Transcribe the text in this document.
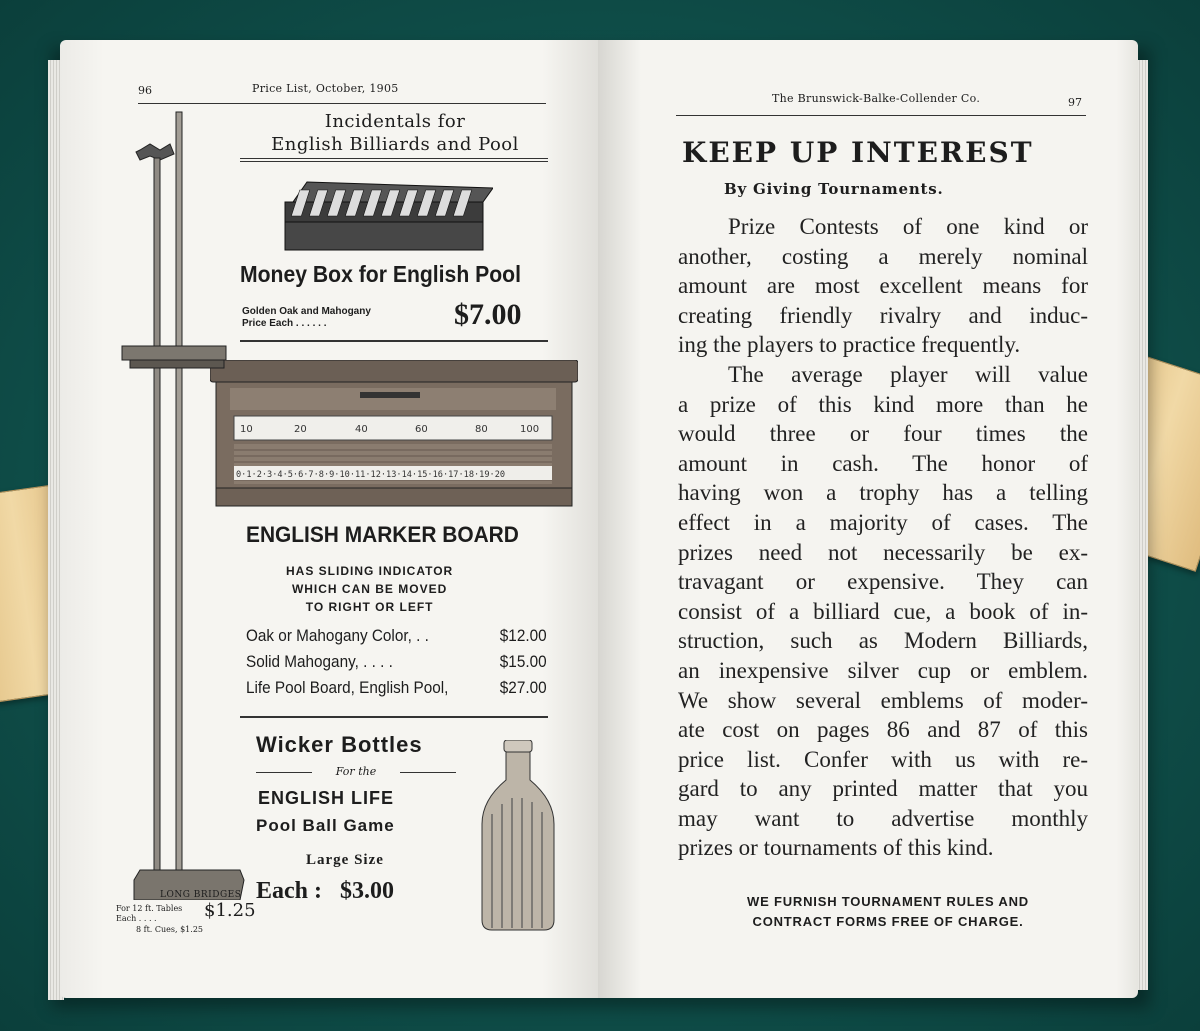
96	Price List, October, 1905
Incidentals for
English Billiards and Pool
Money Box for English Pool
Golden Oak and Mahogany
Price Each . . . . . .	$7.00
10	20	40	60	80	100
0·1·2·3·4·5·6·7·8·9·10·11·12·13·14·15·16·17·18·19·20
ENGLISH MARKER BOARD
HAS SLIDING INDICATOR
WHICH CAN BE MOVED
TO RIGHT OR LEFT
Oak or Mahogany Color, . .	$12.00
Solid Mahogany, . . . .	$15.00
Life Pool Board, English Pool,	$27.00
Wicker Bottles
For the
ENGLISH LIFE
Pool Ball Game
Large Size
Each : $3.00
LONG BRIDGES
For 12 ft. Tables
Each . . . .	$1.25
8 ft. Cues, $1.25
The Brunswick-Balke-Collender Co.	97
KEEP UP INTEREST
By Giving Tournaments.
Prize Contests of one kind or
another, costing a merely nominal
amount are most excellent means for
creating friendly rivalry and induc-
ing the players to practice frequently.
The average player will value
a prize of this kind more than he
would three or four times the
amount in cash. The honor of
having won a trophy has a telling
effect in a majority of cases. The
prizes need not necessarily be ex-
travagant or expensive. They can
consist of a billiard cue, a book of in-
struction, such as Modern Billiards,
an inexpensive silver cup or emblem.
We show several emblems of moder-
ate cost on pages 86 and 87 of this
price list. Confer with us with re-
gard to any printed matter that you
may want to advertise monthly
prizes or tournaments of this kind.
WE FURNISH TOURNAMENT RULES AND
CONTRACT FORMS FREE OF CHARGE.
